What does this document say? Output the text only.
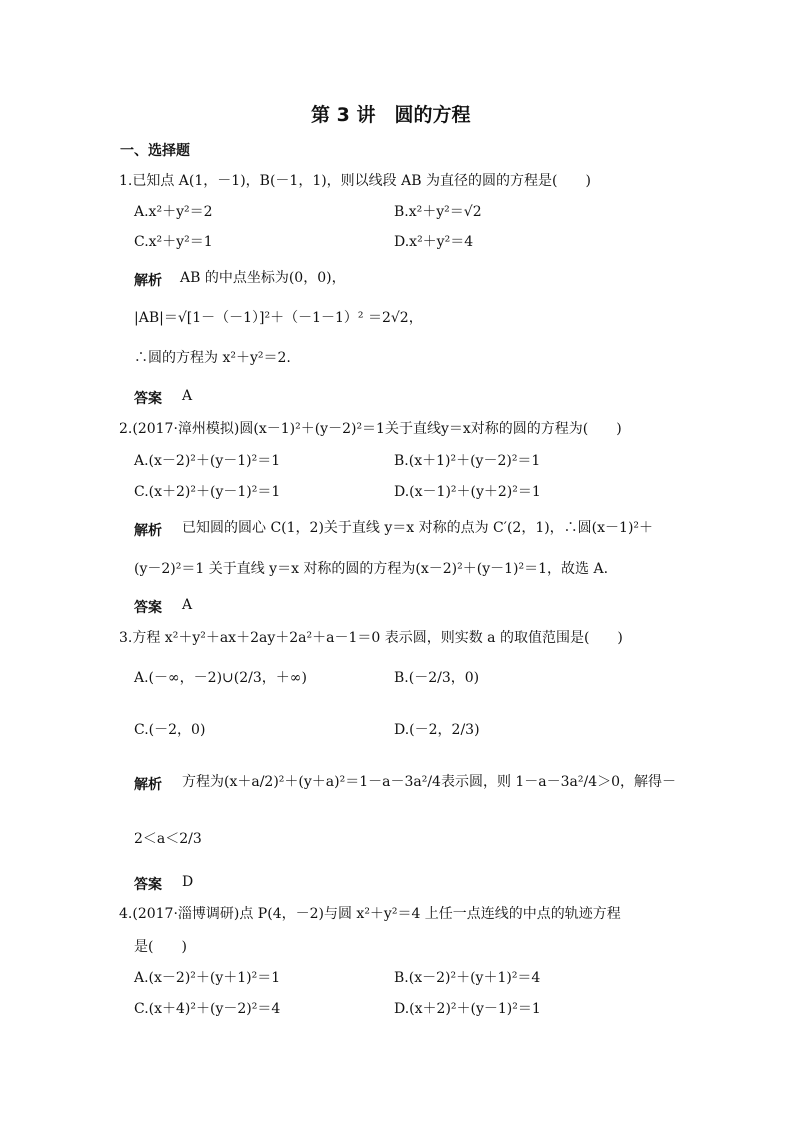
第 3 讲　圆的方程
一、选择题
1.已知点 A(1，－1)，B(－1，1)，则以线段 AB 为直径的圆的方程是(　　)
A.x²＋y²＝2	B.x²＋y²＝√2
C.x²＋y²＝1	D.x²＋y²＝4
解析 AB 的中点坐标为(0，0)，
|AB|＝√[1－（－1）]²＋（－1－1）² ＝2√2，
∴圆的方程为 x²＋y²＝2.
答案 A
2.(2017·漳州模拟)圆(x－1)²＋(y－2)²＝1关于直线y＝x对称的圆的方程为(　　)
A.(x－2)²＋(y－1)²＝1	B.(x＋1)²＋(y－2)²＝1
C.(x＋2)²＋(y－1)²＝1	D.(x－1)²＋(y＋2)²＝1
解析 已知圆的圆心 C(1，2)关于直线 y＝x 对称的点为 C′(2，1)，∴圆(x－1)²＋
(y－2)²＝1 关于直线 y＝x 对称的圆的方程为(x－2)²＋(y－1)²＝1，故选 A.
答案 A
3.方程 x²＋y²＋ax＋2ay＋2a²＋a－1＝0 表示圆，则实数 a 的取值范围是(　　)
A.(－∞，－2)∪(2/3，＋∞)	B.(－2/3，0)
C.(－2，0)	D.(－2，2/3)
解析 方程为(x＋a/2)²＋(y＋a)²＝1－a－3a²/4表示圆，则 1－a－3a²/4＞0，解得－
2＜a＜2/3
答案 D
4.(2017·淄博调研)点 P(4，－2)与圆 x²＋y²＝4 上任一点连线的中点的轨迹方程
是(　　)
A.(x－2)²＋(y＋1)²＝1	B.(x－2)²＋(y＋1)²＝4
C.(x＋4)²＋(y－2)²＝4	D.(x＋2)²＋(y－1)²＝1
